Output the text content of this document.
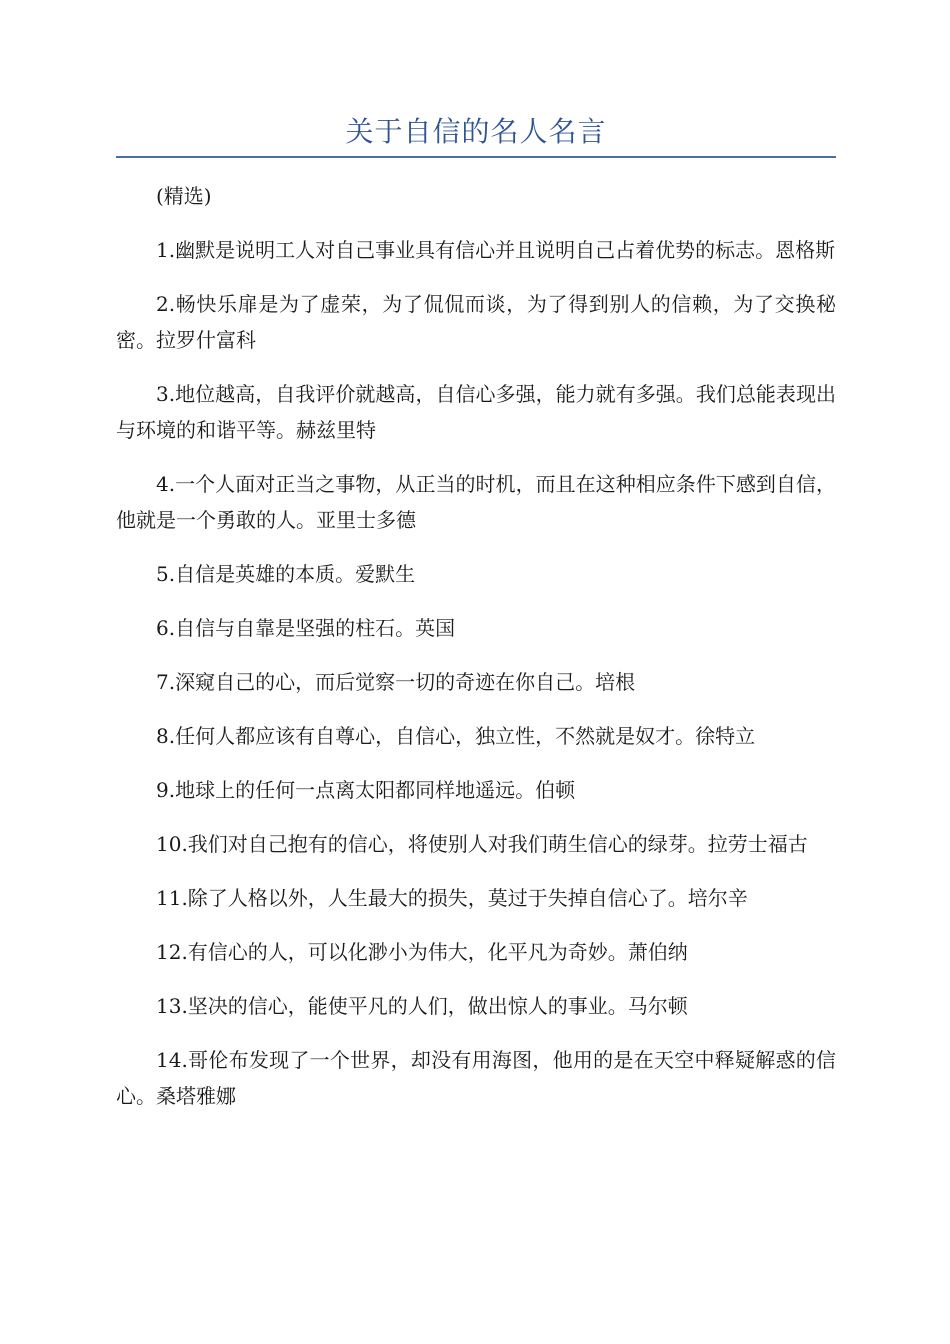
关于自信的名人名言

(精选)

1.幽默是说明工人对自己事业具有信心并且说明自己占着优势的标志。恩格斯

2.畅快乐扉是为了虚荣，为了侃侃而谈，为了得到别人的信赖，为了交换秘密。拉罗什富科

3.地位越高，自我评价就越高，自信心多强，能力就有多强。我们总能表现出与环境的和谐平等。赫兹里特

4.一个人面对正当之事物，从正当的时机，而且在这种相应条件下感到自信，他就是一个勇敢的人。亚里士多德

5.自信是英雄的本质。爱默生

6.自信与自靠是坚强的柱石。英国

7.深窥自己的心，而后觉察一切的奇迹在你自己。培根

8.任何人都应该有自尊心，自信心，独立性，不然就是奴才。徐特立

9.地球上的任何一点离太阳都同样地遥远。伯顿

10.我们对自己抱有的信心，将使别人对我们萌生信心的绿芽。拉劳士福古

11.除了人格以外，人生最大的损失，莫过于失掉自信心了。培尔辛

12.有信心的人，可以化渺小为伟大，化平凡为奇妙。萧伯纳

13.坚决的信心，能使平凡的人们，做出惊人的事业。马尔顿

14.哥伦布发现了一个世界，却没有用海图，他用的是在天空中释疑解惑的信心。桑塔雅娜
